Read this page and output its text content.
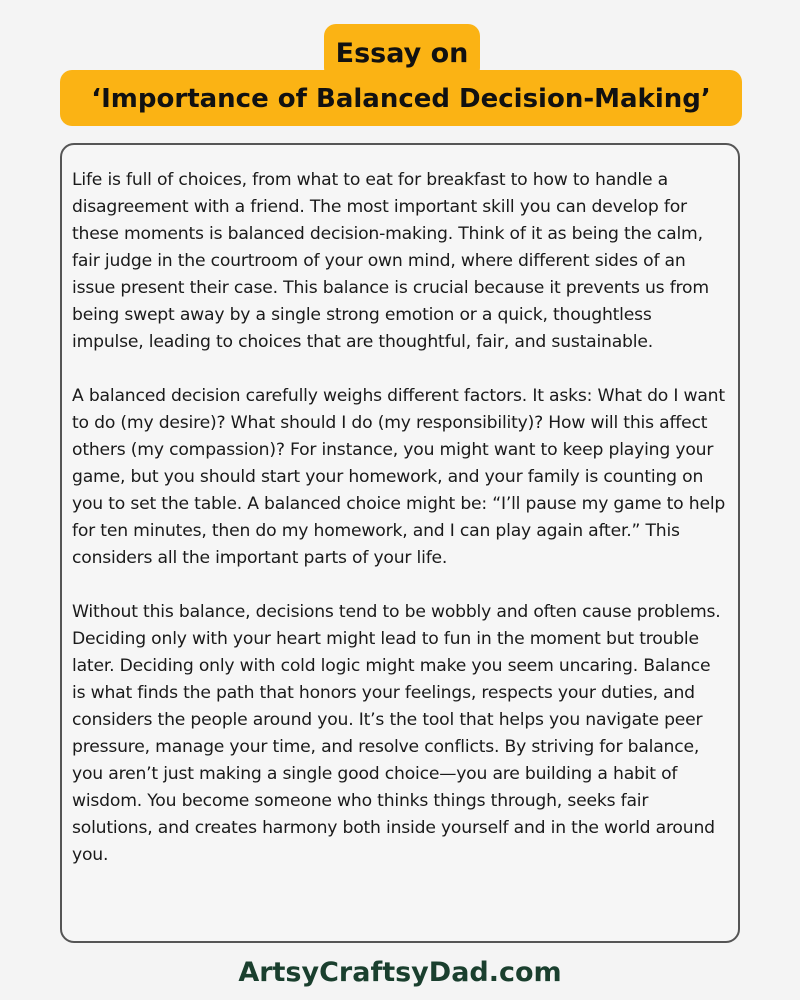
Essay on
‘Importance of Balanced Decision-Making’

Life is full of choices, from what to eat for breakfast to how to handle a disagreement with a friend. The most important skill you can develop for these moments is balanced decision-making. Think of it as being the calm, fair judge in the courtroom of your own mind, where different sides of an issue present their case. This balance is crucial because it prevents us from being swept away by a single strong emotion or a quick, thoughtless impulse, leading to choices that are thoughtful, fair, and sustainable.

A balanced decision carefully weighs different factors. It asks: What do I want to do (my desire)? What should I do (my responsibility)? How will this affect others (my compassion)? For instance, you might want to keep playing your game, but you should start your homework, and your family is counting on you to set the table. A balanced choice might be: “I’ll pause my game to help for ten minutes, then do my homework, and I can play again after.” This considers all the important parts of your life.

Without this balance, decisions tend to be wobbly and often cause problems. Deciding only with your heart might lead to fun in the moment but trouble later. Deciding only with cold logic might make you seem uncaring. Balance is what finds the path that honors your feelings, respects your duties, and considers the people around you. It’s the tool that helps you navigate peer pressure, manage your time, and resolve conflicts. By striving for balance, you aren’t just making a single good choice—you are building a habit of wisdom. You become someone who thinks things through, seeks fair solutions, and creates harmony both inside yourself and in the world around you.

ArtsyCraftsyDad.com
